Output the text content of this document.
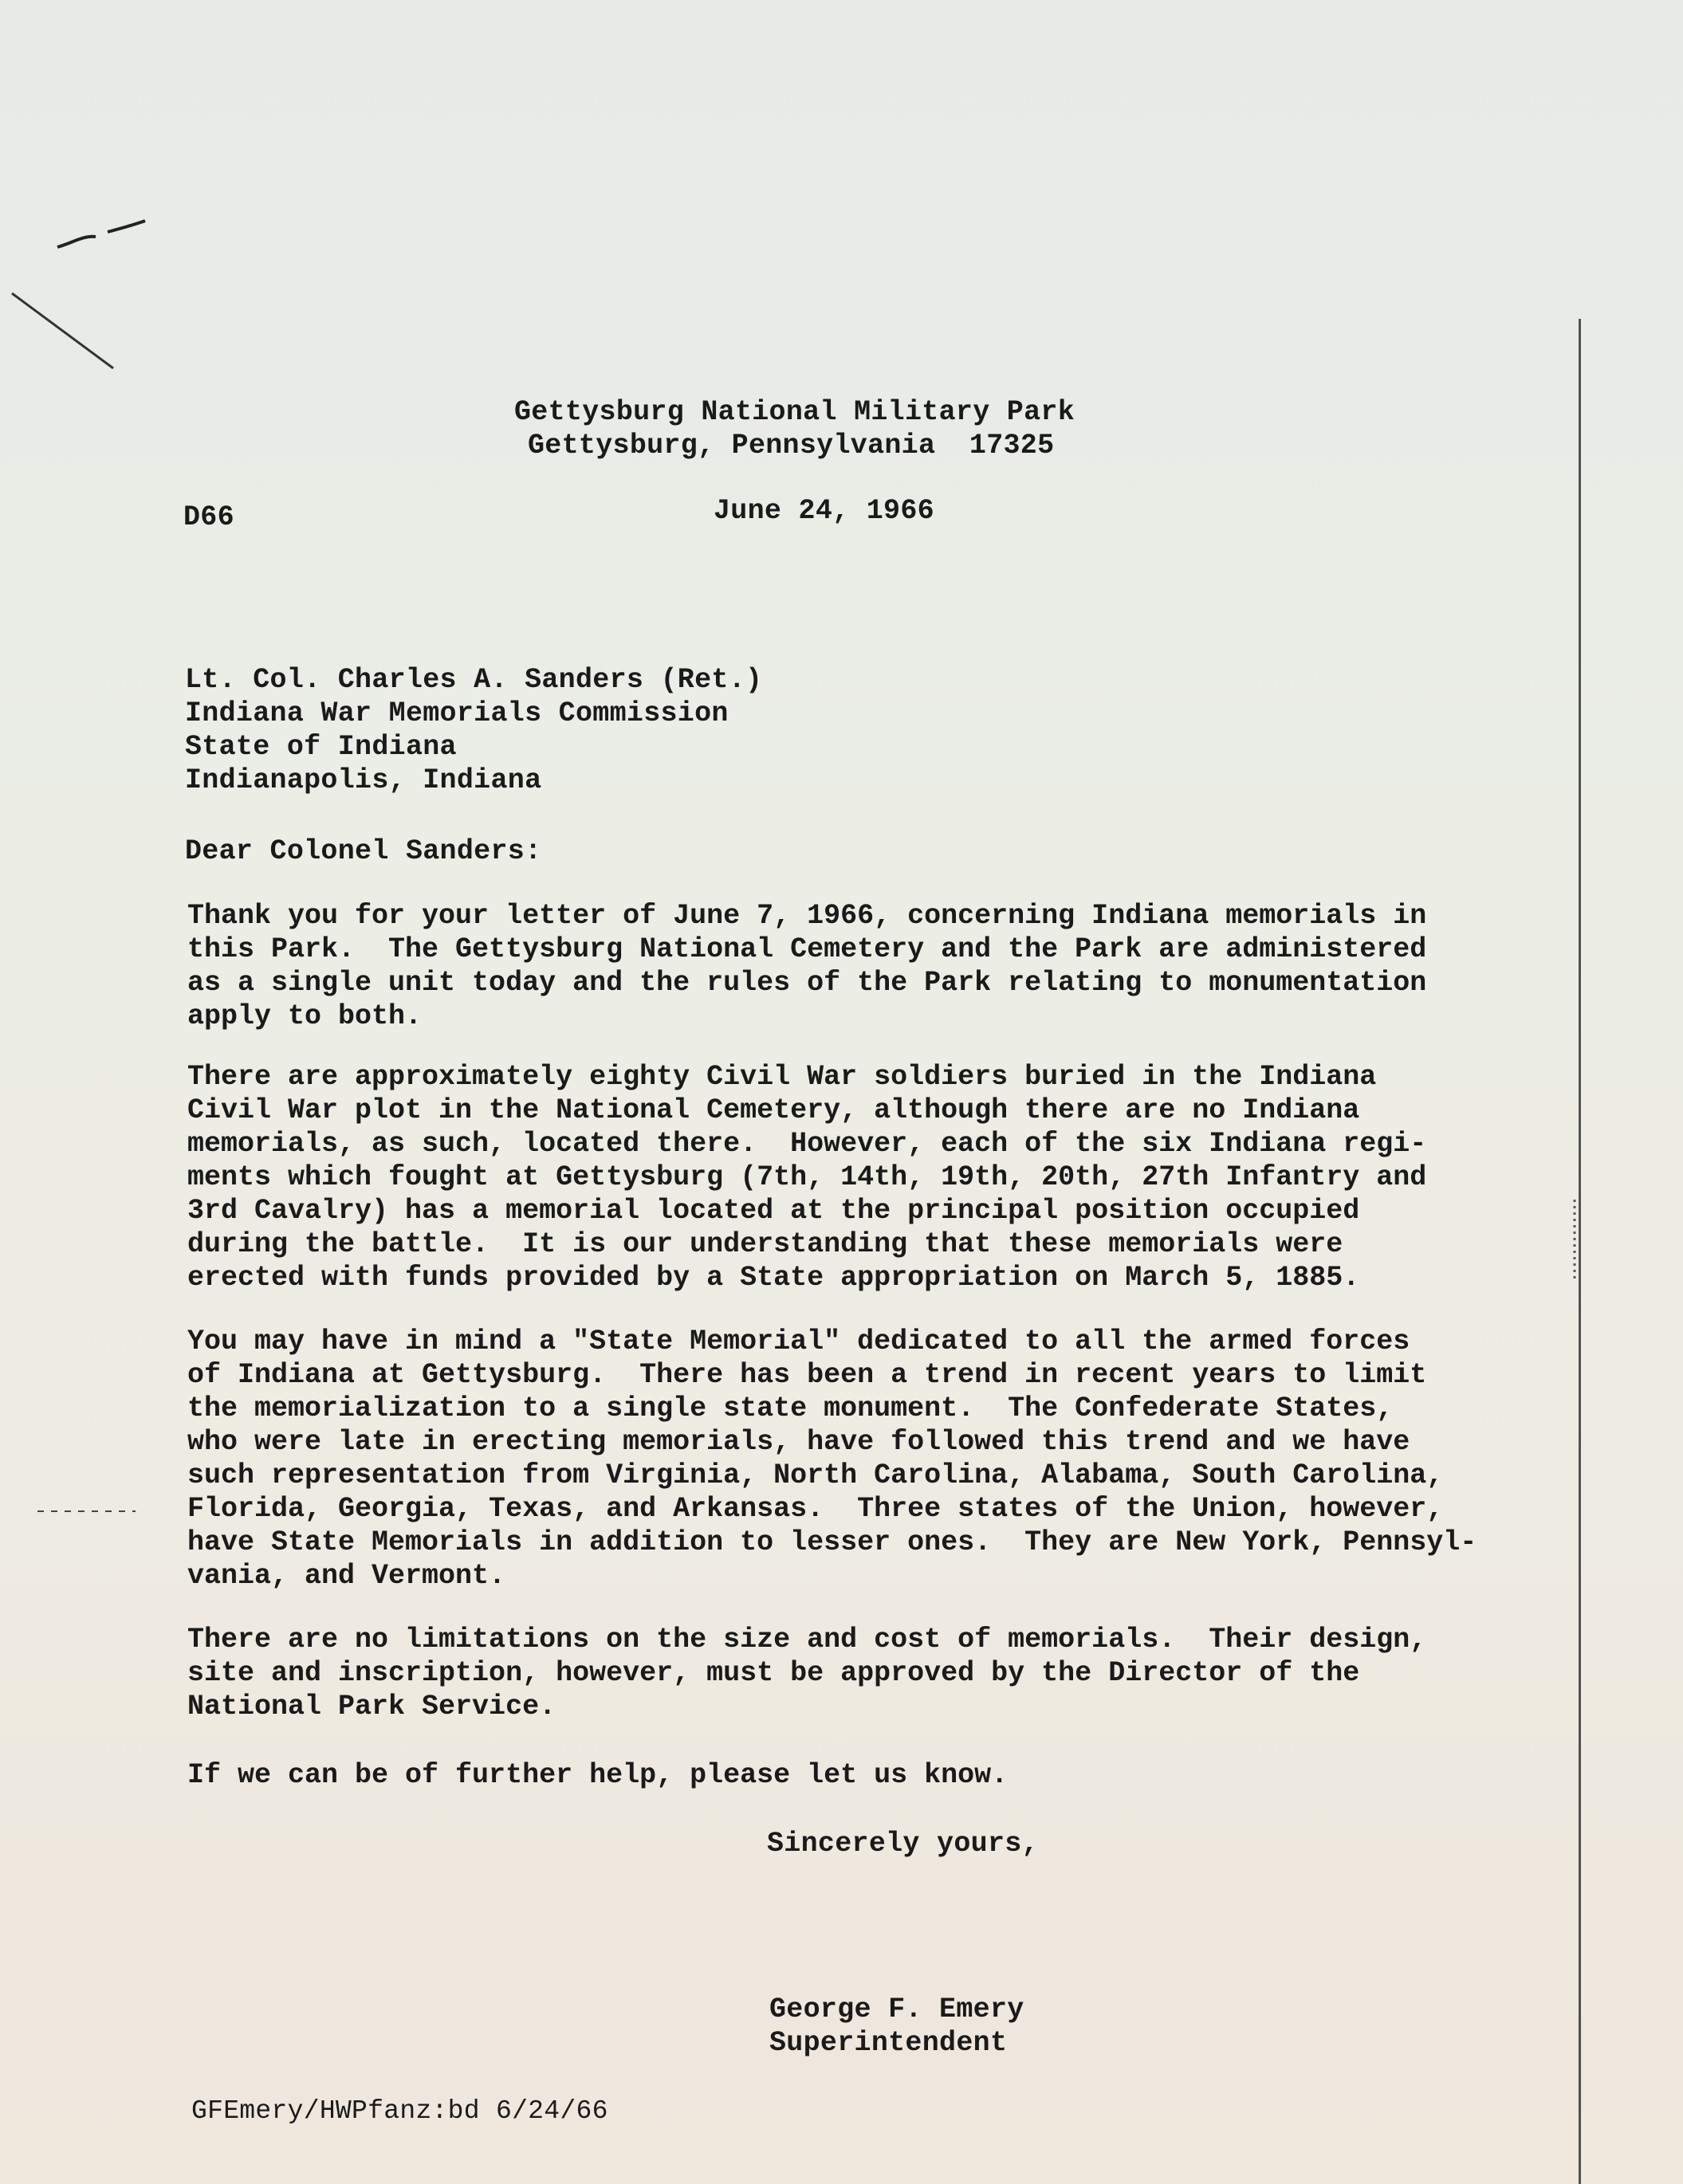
Gettysburg National Military Park
Gettysburg, Pennsylvania  17325
D66	June 24, 1966
Lt. Col. Charles A. Sanders (Ret.)
Indiana War Memorials Commission
State of Indiana
Indianapolis, Indiana
Dear Colonel Sanders:
Thank you for your letter of June 7, 1966, concerning Indiana memorials in
this Park.  The Gettysburg National Cemetery and the Park are administered
as a single unit today and the rules of the Park relating to monumentation
apply to both.
There are approximately eighty Civil War soldiers buried in the Indiana
Civil War plot in the National Cemetery, although there are no Indiana
memorials, as such, located there.  However, each of the six Indiana regi-
ments which fought at Gettysburg (7th, 14th, 19th, 20th, 27th Infantry and
3rd Cavalry) has a memorial located at the principal position occupied
during the battle.  It is our understanding that these memorials were
erected with funds provided by a State appropriation on March 5, 1885.
You may have in mind a "State Memorial" dedicated to all the armed forces
of Indiana at Gettysburg.  There has been a trend in recent years to limit
the memorialization to a single state monument.  The Confederate States,
who were late in erecting memorials, have followed this trend and we have
such representation from Virginia, North Carolina, Alabama, South Carolina,
Florida, Georgia, Texas, and Arkansas.  Three states of the Union, however,
have State Memorials in addition to lesser ones.  They are New York, Pennsyl-
vania, and Vermont.
There are no limitations on the size and cost of memorials.  Their design,
site and inscription, however, must be approved by the Director of the
National Park Service.
If we can be of further help, please let us know.
Sincerely yours,
George F. Emery
Superintendent
GFEmery/HWPfanz:bd 6/24/66
